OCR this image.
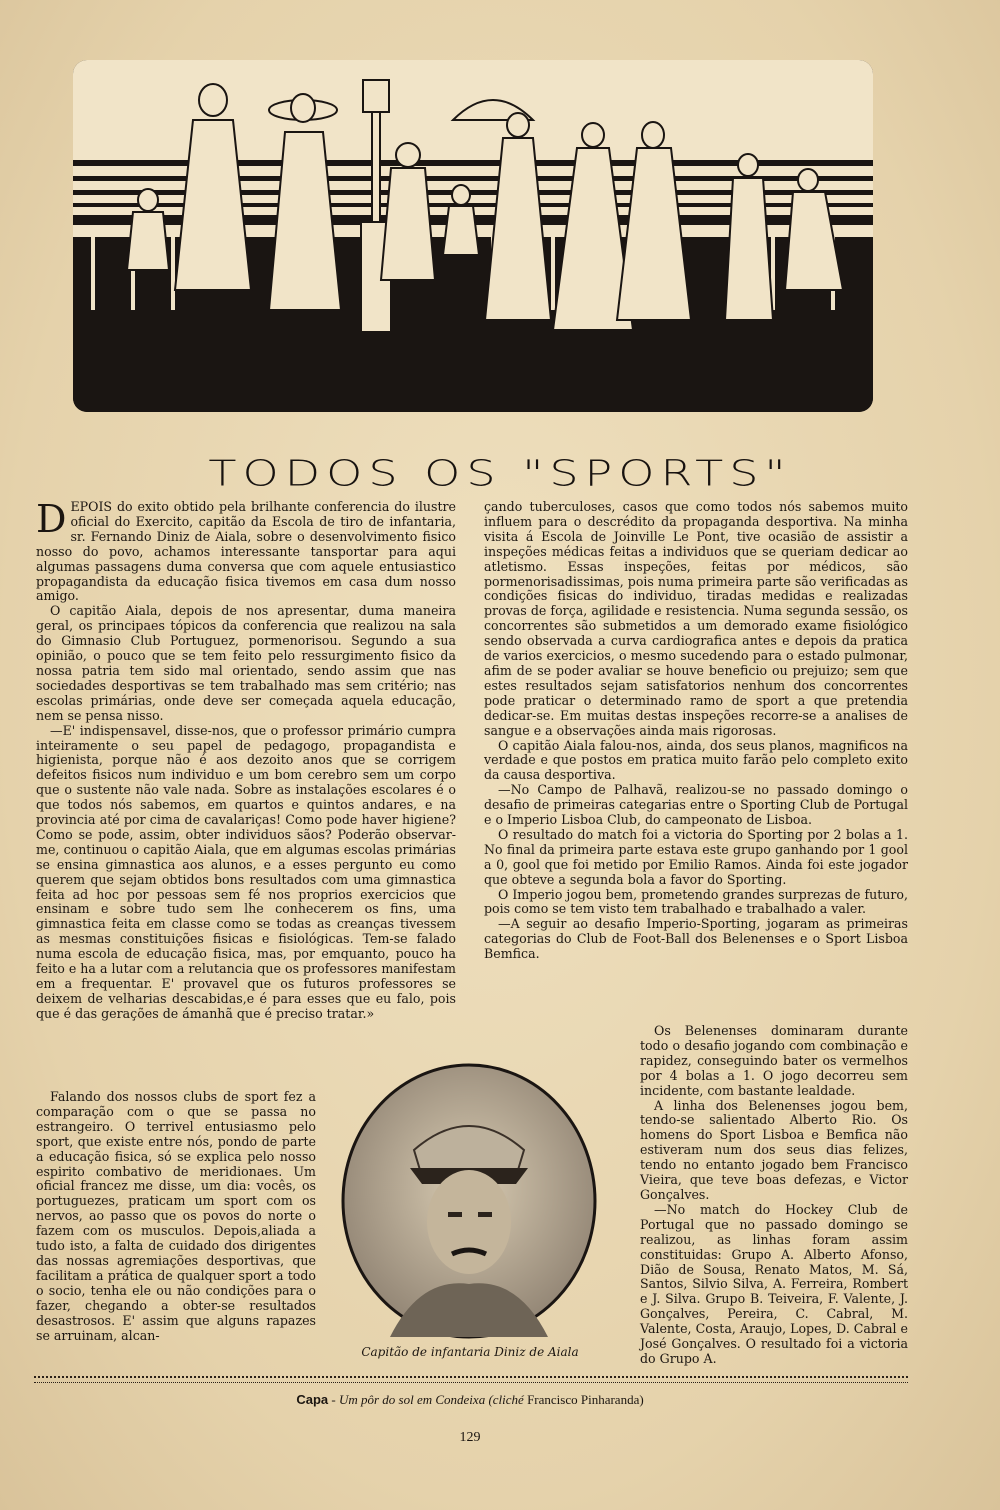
TODOS OS "SPORTS"

DEPOIS do exito obtido pela brilhante conferencia do ilustre oficial do Exercito, capitão da Escola de tiro de infantaria, sr. Fernando Diniz de Aiala, sobre o desenvolvimento fisico nosso do povo, achamos interessante tansportar para aqui algumas passagens duma conversa que com aquele entusiastico propagandista da educação fisica tivemos em casa dum nosso amigo.

O capitão Aiala, depois de nos apresentar, duma maneira geral, os principaes tópicos da conferencia que realizou na sala do Gimnasio Club Portuguez, pormenorisou. Segundo a sua opinião, o pouco que se tem feito pelo ressurgimento fisico da nossa patria tem sido mal orientado, sendo assim que nas sociedades desportivas se tem trabalhado mas sem critério; nas escolas primárias, onde deve ser começada aquela educação, nem se pensa nisso.

—E' indispensavel, disse-nos, que o professor primário cumpra inteiramente o seu papel de pedagogo, propagandista e higienista, porque não é aos dezoito anos que se corrigem defeitos fisicos num individuo e um bom cerebro sem um corpo que o sustente não vale nada. Sobre as instalações escolares é o que todos nós sabemos, em quartos e quintos andares, e na provincia até por cima de cavalariças! Como pode haver higiene? Como se pode, assim, obter individuos sãos? Poderão observar-me, continuou o capitão Aiala, que em algumas escolas primárias se ensina gimnastica aos alunos, e a esses pergunto eu como querem que sejam obtidos bons resultados com uma gimnastica feita ad hoc por pessoas sem fé nos proprios exercicios que ensinam e sobre tudo sem lhe conhecerem os fins, uma gimnastica feita em classe como se todas as creanças tivessem as mesmas constituições fisicas e fisiológicas. Tem-se falado numa escola de educação fisica, mas, por emquanto, pouco ha feito e ha a lutar com a relutancia que os professores manifestam em a frequentar. E' provavel que os futuros professores se deixem de velharias descabidas,e é para esses que eu falo, pois que é das gerações de ámanhã que é preciso tratar.»

Falando dos nossos clubs de sport fez a comparação com o que se passa no estrangeiro. O terrivel entusiasmo pelo sport, que existe entre nós, pondo de parte a educação fisica, só se explica pelo nosso espirito combativo de meridionaes. Um oficial francez me disse, um dia: vocês, os portuguezes, praticam um sport com os nervos, ao passo que os povos do norte o fazem com os musculos. Depois,aliada a tudo isto, a falta de cuidado dos dirigentes das nossas agremiações desportivas, que facilitam a prática de qualquer sport a todo o socio, tenha ele ou não condições para o fazer, chegando a obter-se resultados desastrosos. E' assim que alguns rapazes se arruinam, alcan-

çando tuberculoses, casos que como todos nós sabemos muito influem para o descrédito da propaganda desportiva. Na minha visita á Escola de Joinville Le Pont, tive ocasião de assistir a inspeções médicas feitas a individuos que se queriam dedicar ao atletismo. Essas inspeções, feitas por médicos, são pormenorisadissimas, pois numa primeira parte são verificadas as condições fisicas do individuo, tiradas medidas e realizadas provas de força, agilidade e resistencia. Numa segunda sessão, os concorrentes são submetidos a um demorado exame fisiológico sendo observada a curva cardiografica antes e depois da pratica de varios exercicios, o mesmo sucedendo para o estado pulmonar, afim de se poder avaliar se houve beneficio ou prejuizo; sem que estes resultados sejam satisfatorios nenhum dos concorrentes pode praticar o determinado ramo de sport a que pretendia dedicar-se. Em muitas destas inspeções recorre-se a analises de sangue e a observações ainda mais rigorosas.

O capitão Aiala falou-nos, ainda, dos seus planos, magnificos na verdade e que postos em pratica muito farão pelo completo exito da causa desportiva.

—No Campo de Palhavã, realizou-se no passado domingo o desafio de primeiras categarias entre o Sporting Club de Portugal e o Imperio Lisboa Club, do campeonato de Lisboa.

O resultado do match foi a victoria do Sporting por 2 bolas a 1. No final da primeira parte estava este grupo ganhando por 1 gool a 0, gool que foi metido por Emilio Ramos. Ainda foi este jogador que obteve a segunda bola a favor do Sporting.

O Imperio jogou bem, prometendo grandes surprezas de futuro, pois como se tem visto tem trabalhado e trabalhado a valer.

—A seguir ao desafio Imperio-Sporting, jogaram as primeiras categorias do Club de Foot-Ball dos Belenenses e o Sport Lisboa Bemfica.

Os Belenenses dominaram durante todo o desafio jogando com combinação e rapidez, conseguindo bater os vermelhos por 4 bolas a 1. O jogo decorreu sem incidente, com bastante lealdade.

A linha dos Belenenses jogou bem, tendo-se salientado Alberto Rio. Os homens do Sport Lisboa e Bemfica não estiveram num dos seus dias felizes, tendo no entanto jogado bem Francisco Vieira, que teve boas defezas, e Victor Gonçalves.

—No match do Hockey Club de Portugal que no passado domingo se realizou, as linhas foram assim constituidas: Grupo A. Alberto Afonso, Dião de Sousa, Renato Matos, M. Sá, Santos, Silvio Silva, A. Ferreira, Rombert e J. Silva. Grupo B. Teiveira, F. Valente, J. Gonçalves, Pereira, C. Cabral, M. Valente, Costa, Araujo, Lopes, D. Cabral e José Gonçalves. O resultado foi a victoria do Grupo A.

Capitão de infantaria Diniz de Aiala
Capa - Um pôr do sol em Condeixa (cliché Francisco Pinharanda)
129
